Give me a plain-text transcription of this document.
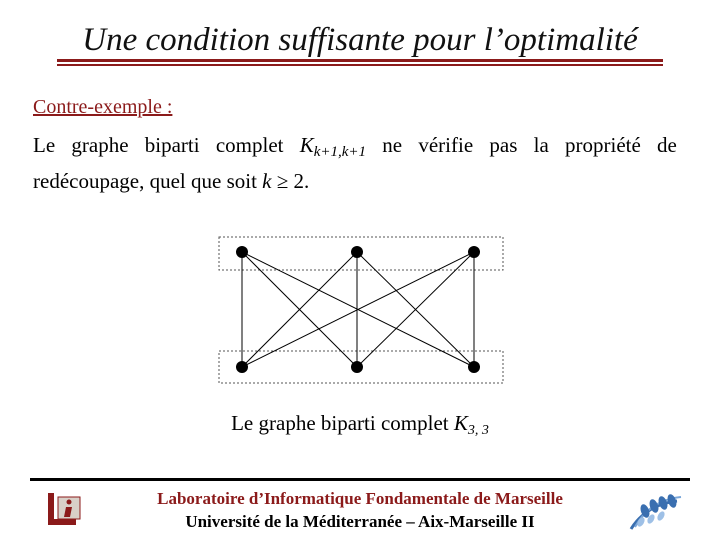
Une condition suffisante pour l’optimalité
Contre-exemple :
Le graphe biparti complet $K_{k+1,k+1}$ ne vérifie pas la propriété de
redécoupage, quel que soit k ≥ 2.
Le graphe biparti complet $K_{3, 3}$
Laboratoire d’Informatique Fondamentale de Marseille
Université de la Méditerranée – Aix-Marseille II
